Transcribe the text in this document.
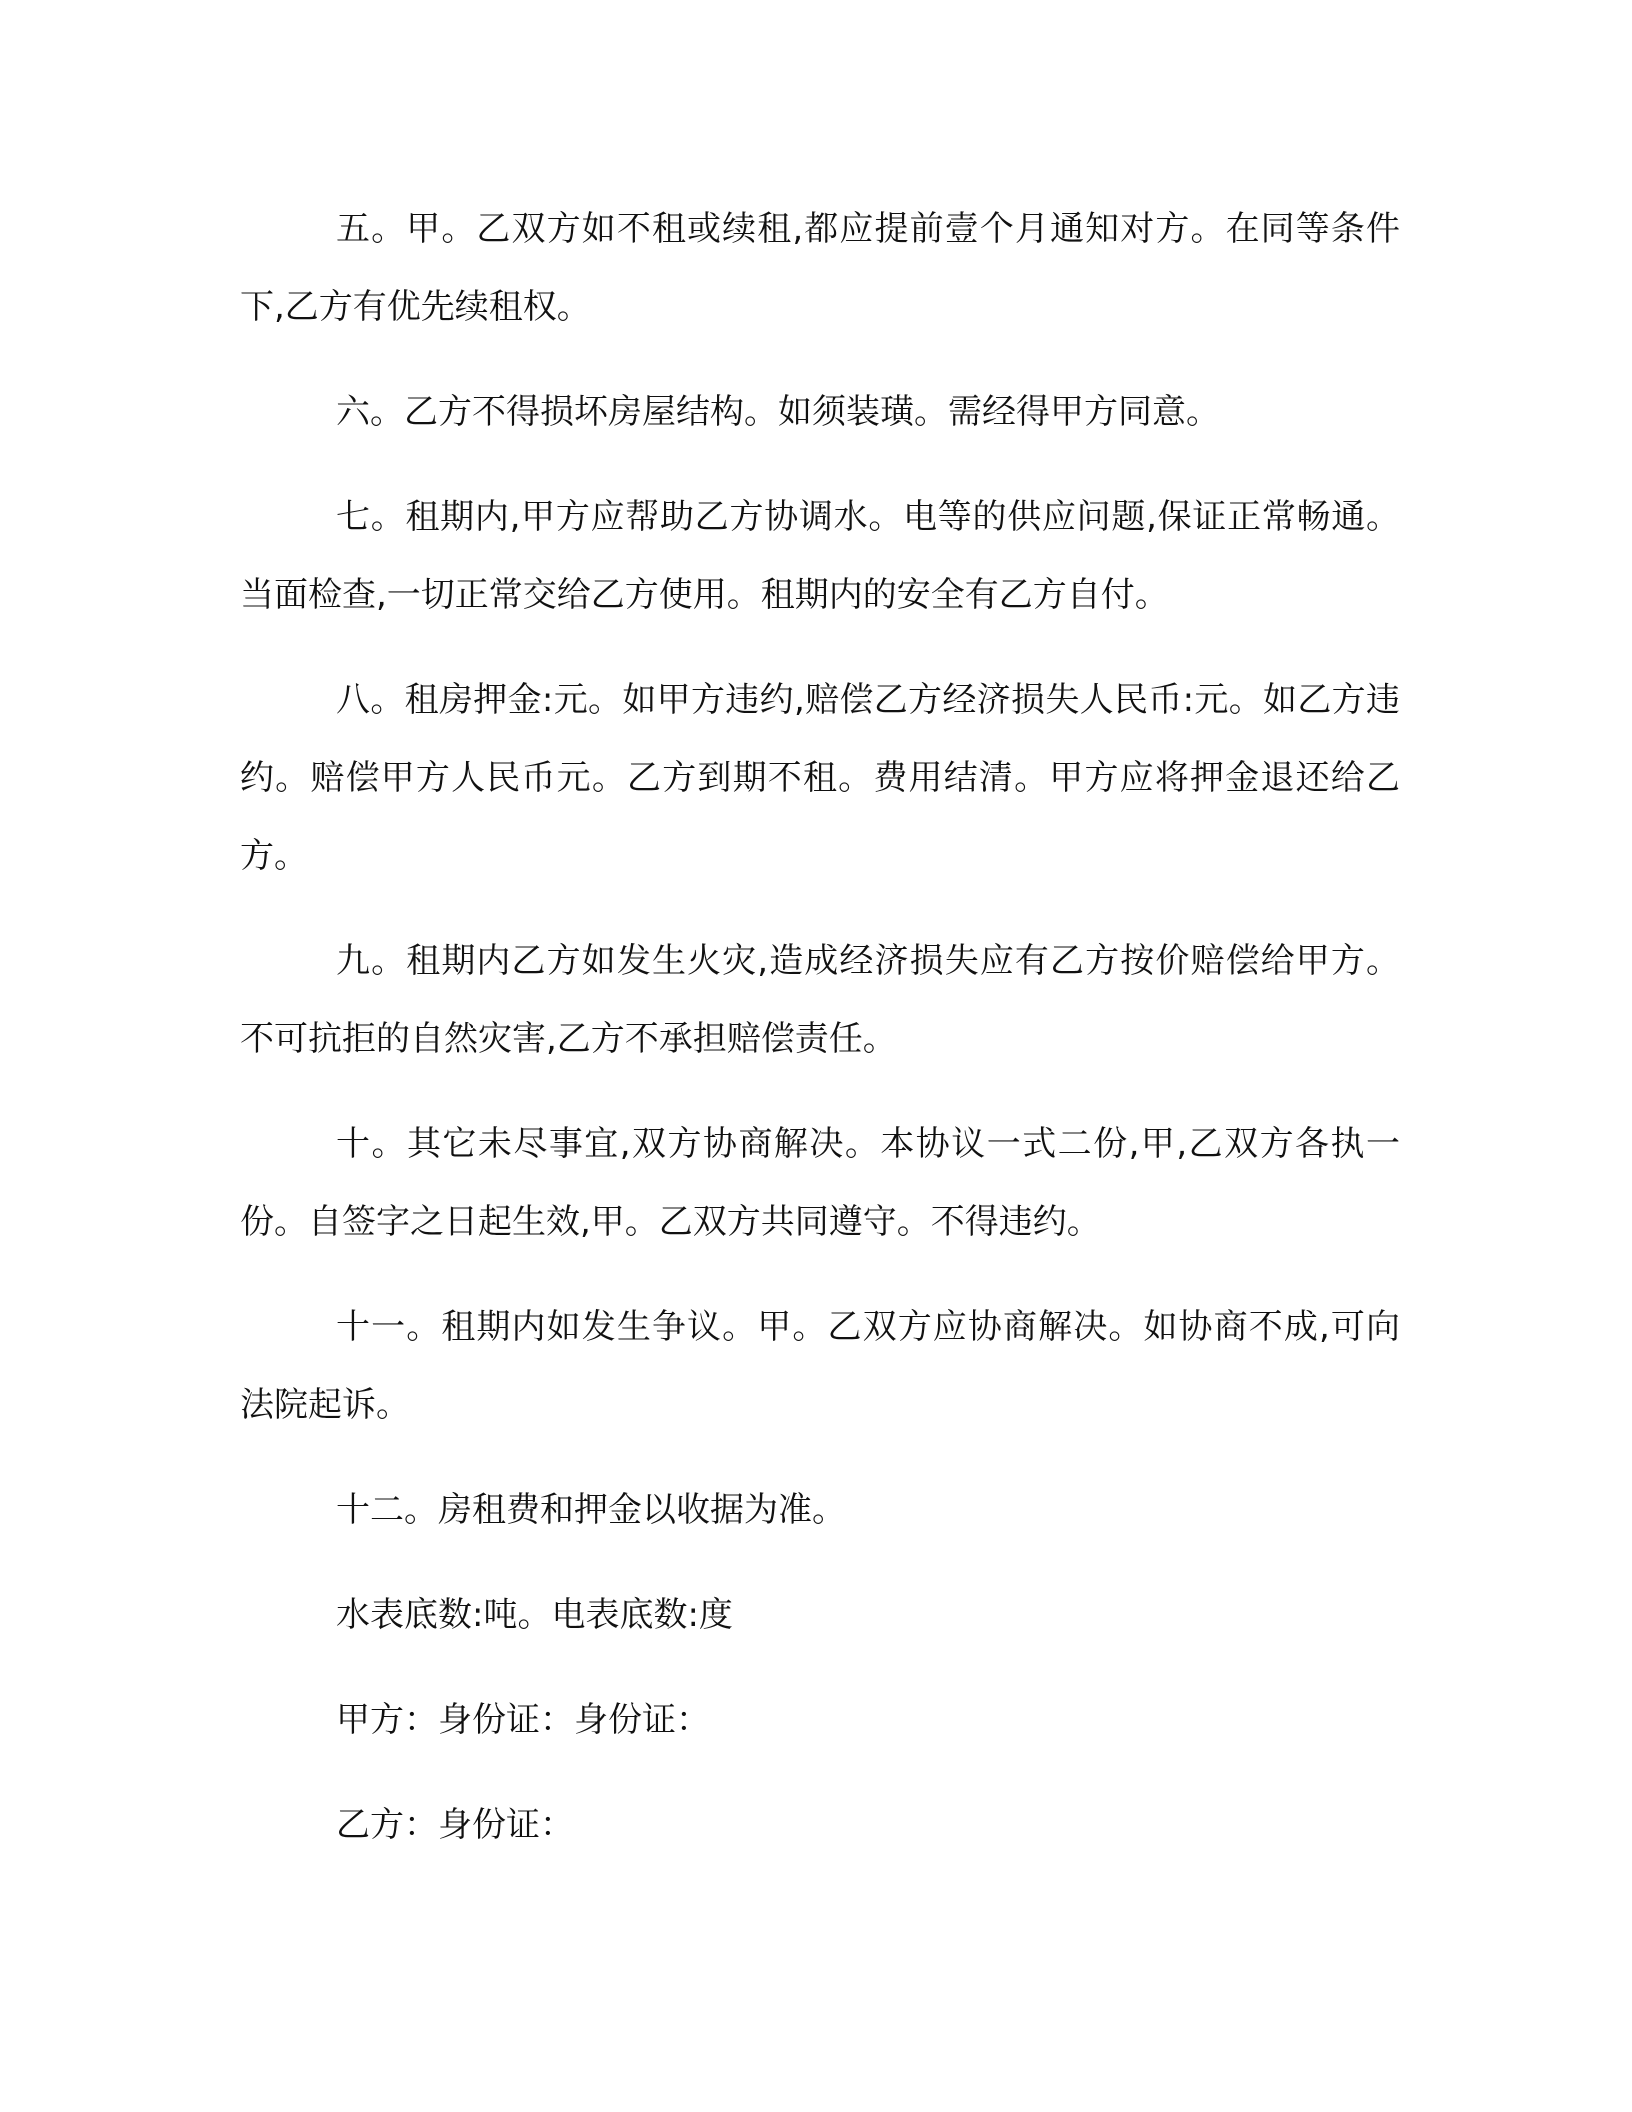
五。甲。乙双方如不租或续租,都应提前壹个月通知对方。在同等条件下,乙方有优先续租权。

六。乙方不得损坏房屋结构。如须装璜。需经得甲方同意。

七。租期内,甲方应帮助乙方协调水。电等的供应问题,保证正常畅通。当面检查,一切正常交给乙方使用。租期内的安全有乙方自付。

八。租房押金:元。如甲方违约,赔偿乙方经济损失人民币:元。如乙方违约。赔偿甲方人民币元。乙方到期不租。费用结清。甲方应将押金退还给乙方。

九。租期内乙方如发生火灾,造成经济损失应有乙方按价赔偿给甲方。不可抗拒的自然灾害,乙方不承担赔偿责任。

十。其它未尽事宜,双方协商解决。本协议一式二份,甲,乙双方各执一份。自签字之日起生效,甲。乙双方共同遵守。不得违约。

十一。租期内如发生争议。甲。乙双方应协商解决。如协商不成,可向法院起诉。

十二。房租费和押金以收据为准。

水表底数:吨。电表底数:度

甲方：身份证：身份证：

乙方：身份证：
